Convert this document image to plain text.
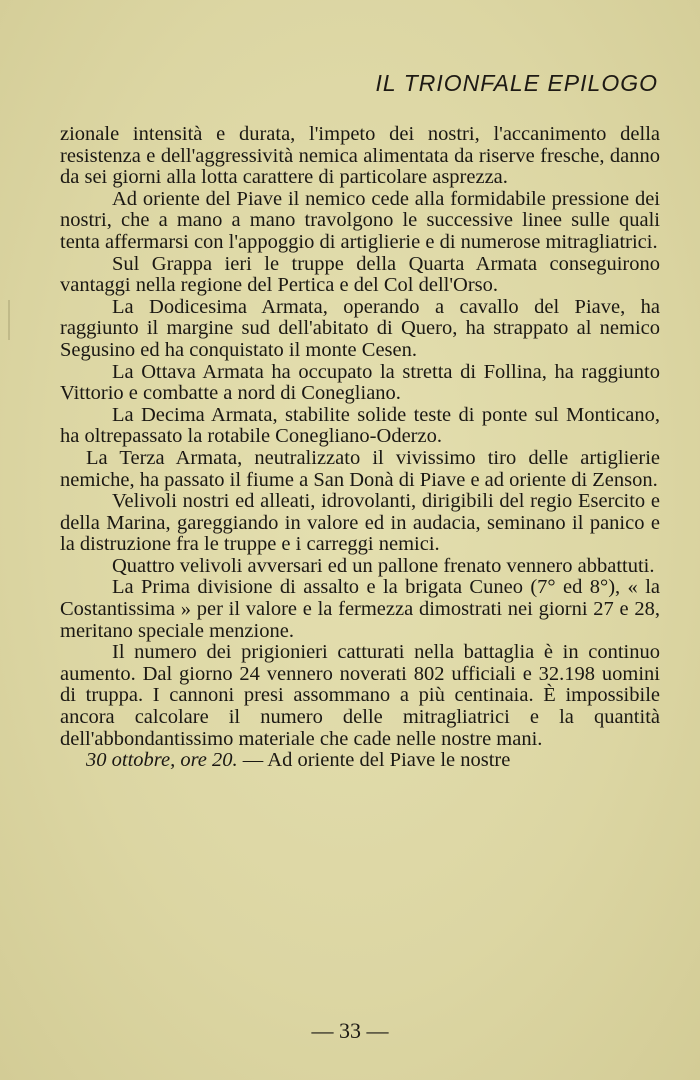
IL TRIONFALE EPILOGO

zionale intensità e durata, l'impeto dei nostri, l'accanimento della resistenza e dell'aggressività nemica alimentata da riserve fresche, danno da sei giorni alla lotta carattere di particolare asprezza.

Ad oriente del Piave il nemico cede alla formidabile pressione dei nostri, che a mano a mano travolgono le successive linee sulle quali tenta affermarsi con l'appoggio di artiglierie e di numerose mitragliatrici.

Sul Grappa ieri le truppe della Quarta Armata conseguirono vantaggi nella regione del Pertica e del Col dell'Orso.

La Dodicesima Armata, operando a cavallo del Piave, ha raggiunto il margine sud dell'abitato di Quero, ha strappato al nemico Segusino ed ha conquistato il monte Cesen.

La Ottava Armata ha occupato la stretta di Follina, ha raggiunto Vittorio e combatte a nord di Conegliano.

La Decima Armata, stabilite solide teste di ponte sul Monticano, ha oltrepassato la rotabile Conegliano-Oderzo.

La Terza Armata, neutralizzato il vivissimo tiro delle artiglierie nemiche, ha passato il fiume a San Donà di Piave e ad oriente di Zenson.

Velivoli nostri ed alleati, idrovolanti, dirigibili del regio Esercito e della Marina, gareggiando in valore ed in audacia, seminano il panico e la distruzione fra le truppe e i carreggi nemici.

Quattro velivoli avversari ed un pallone frenato vennero abbattuti.

La Prima divisione di assalto e la brigata Cuneo (7° ed 8°), « la Costantissima » per il valore e la fermezza dimostrati nei giorni 27 e 28, meritano speciale menzione.

Il numero dei prigionieri catturati nella battaglia è in continuo aumento. Dal giorno 24 vennero noverati 802 ufficiali e 32.198 uomini di truppa. I cannoni presi assommano a più centinaia. È impossibile ancora calcolare il numero delle mitragliatrici e la quantità dell'abbondantissimo materiale che cade nelle nostre mani.

30 ottobre, ore 20. — Ad oriente del Piave le nostre

— 33 —
